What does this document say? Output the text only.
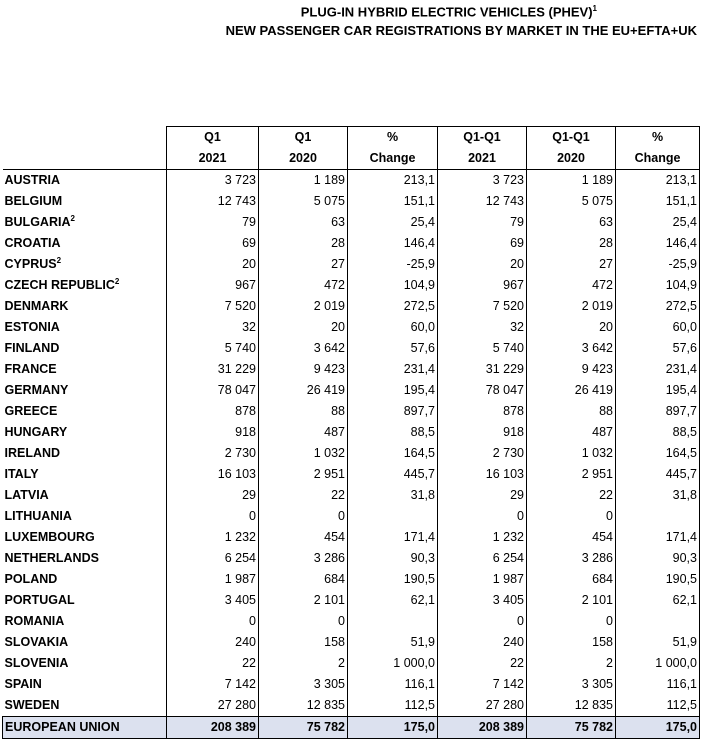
PLUG-IN HYBRID ELECTRIC VEHICLES (PHEV)$^1$
NEW PASSENGER CAR REGISTRATIONS BY MARKET IN THE EU+EFTA+UK
	Q1	Q1	%	Q1-Q1	Q1-Q1	%
	2021	2020	Change	2021	2020	Change
AUSTRIA	3 723	1 189	213,1	3 723	1 189	213,1
BELGIUM	12 743	5 075	151,1	12 743	5 075	151,1
BULGARIA$^2$	79	63	25,4	79	63	25,4
CROATIA	69	28	146,4	69	28	146,4
CYPRUS$^2$	20	27	-25,9	20	27	-25,9
CZECH REPUBLIC$^2$	967	472	104,9	967	472	104,9
DENMARK	7 520	2 019	272,5	7 520	2 019	272,5
ESTONIA	32	20	60,0	32	20	60,0
FINLAND	5 740	3 642	57,6	5 740	3 642	57,6
FRANCE	31 229	9 423	231,4	31 229	9 423	231,4
GERMANY	78 047	26 419	195,4	78 047	26 419	195,4
GREECE	878	88	897,7	878	88	897,7
HUNGARY	918	487	88,5	918	487	88,5
IRELAND	2 730	1 032	164,5	2 730	1 032	164,5
ITALY	16 103	2 951	445,7	16 103	2 951	445,7
LATVIA	29	22	31,8	29	22	31,8
LITHUANIA	0	0		0	0	
LUXEMBOURG	1 232	454	171,4	1 232	454	171,4
NETHERLANDS	6 254	3 286	90,3	6 254	3 286	90,3
POLAND	1 987	684	190,5	1 987	684	190,5
PORTUGAL	3 405	2 101	62,1	3 405	2 101	62,1
ROMANIA	0	0		0	0	
SLOVAKIA	240	158	51,9	240	158	51,9
SLOVENIA	22	2	1 000,0	22	2	1 000,0
SPAIN	7 142	3 305	116,1	7 142	3 305	116,1
SWEDEN	27 280	12 835	112,5	27 280	12 835	112,5
EUROPEAN UNION	208 389	75 782	175,0	208 389	75 782	175,0
